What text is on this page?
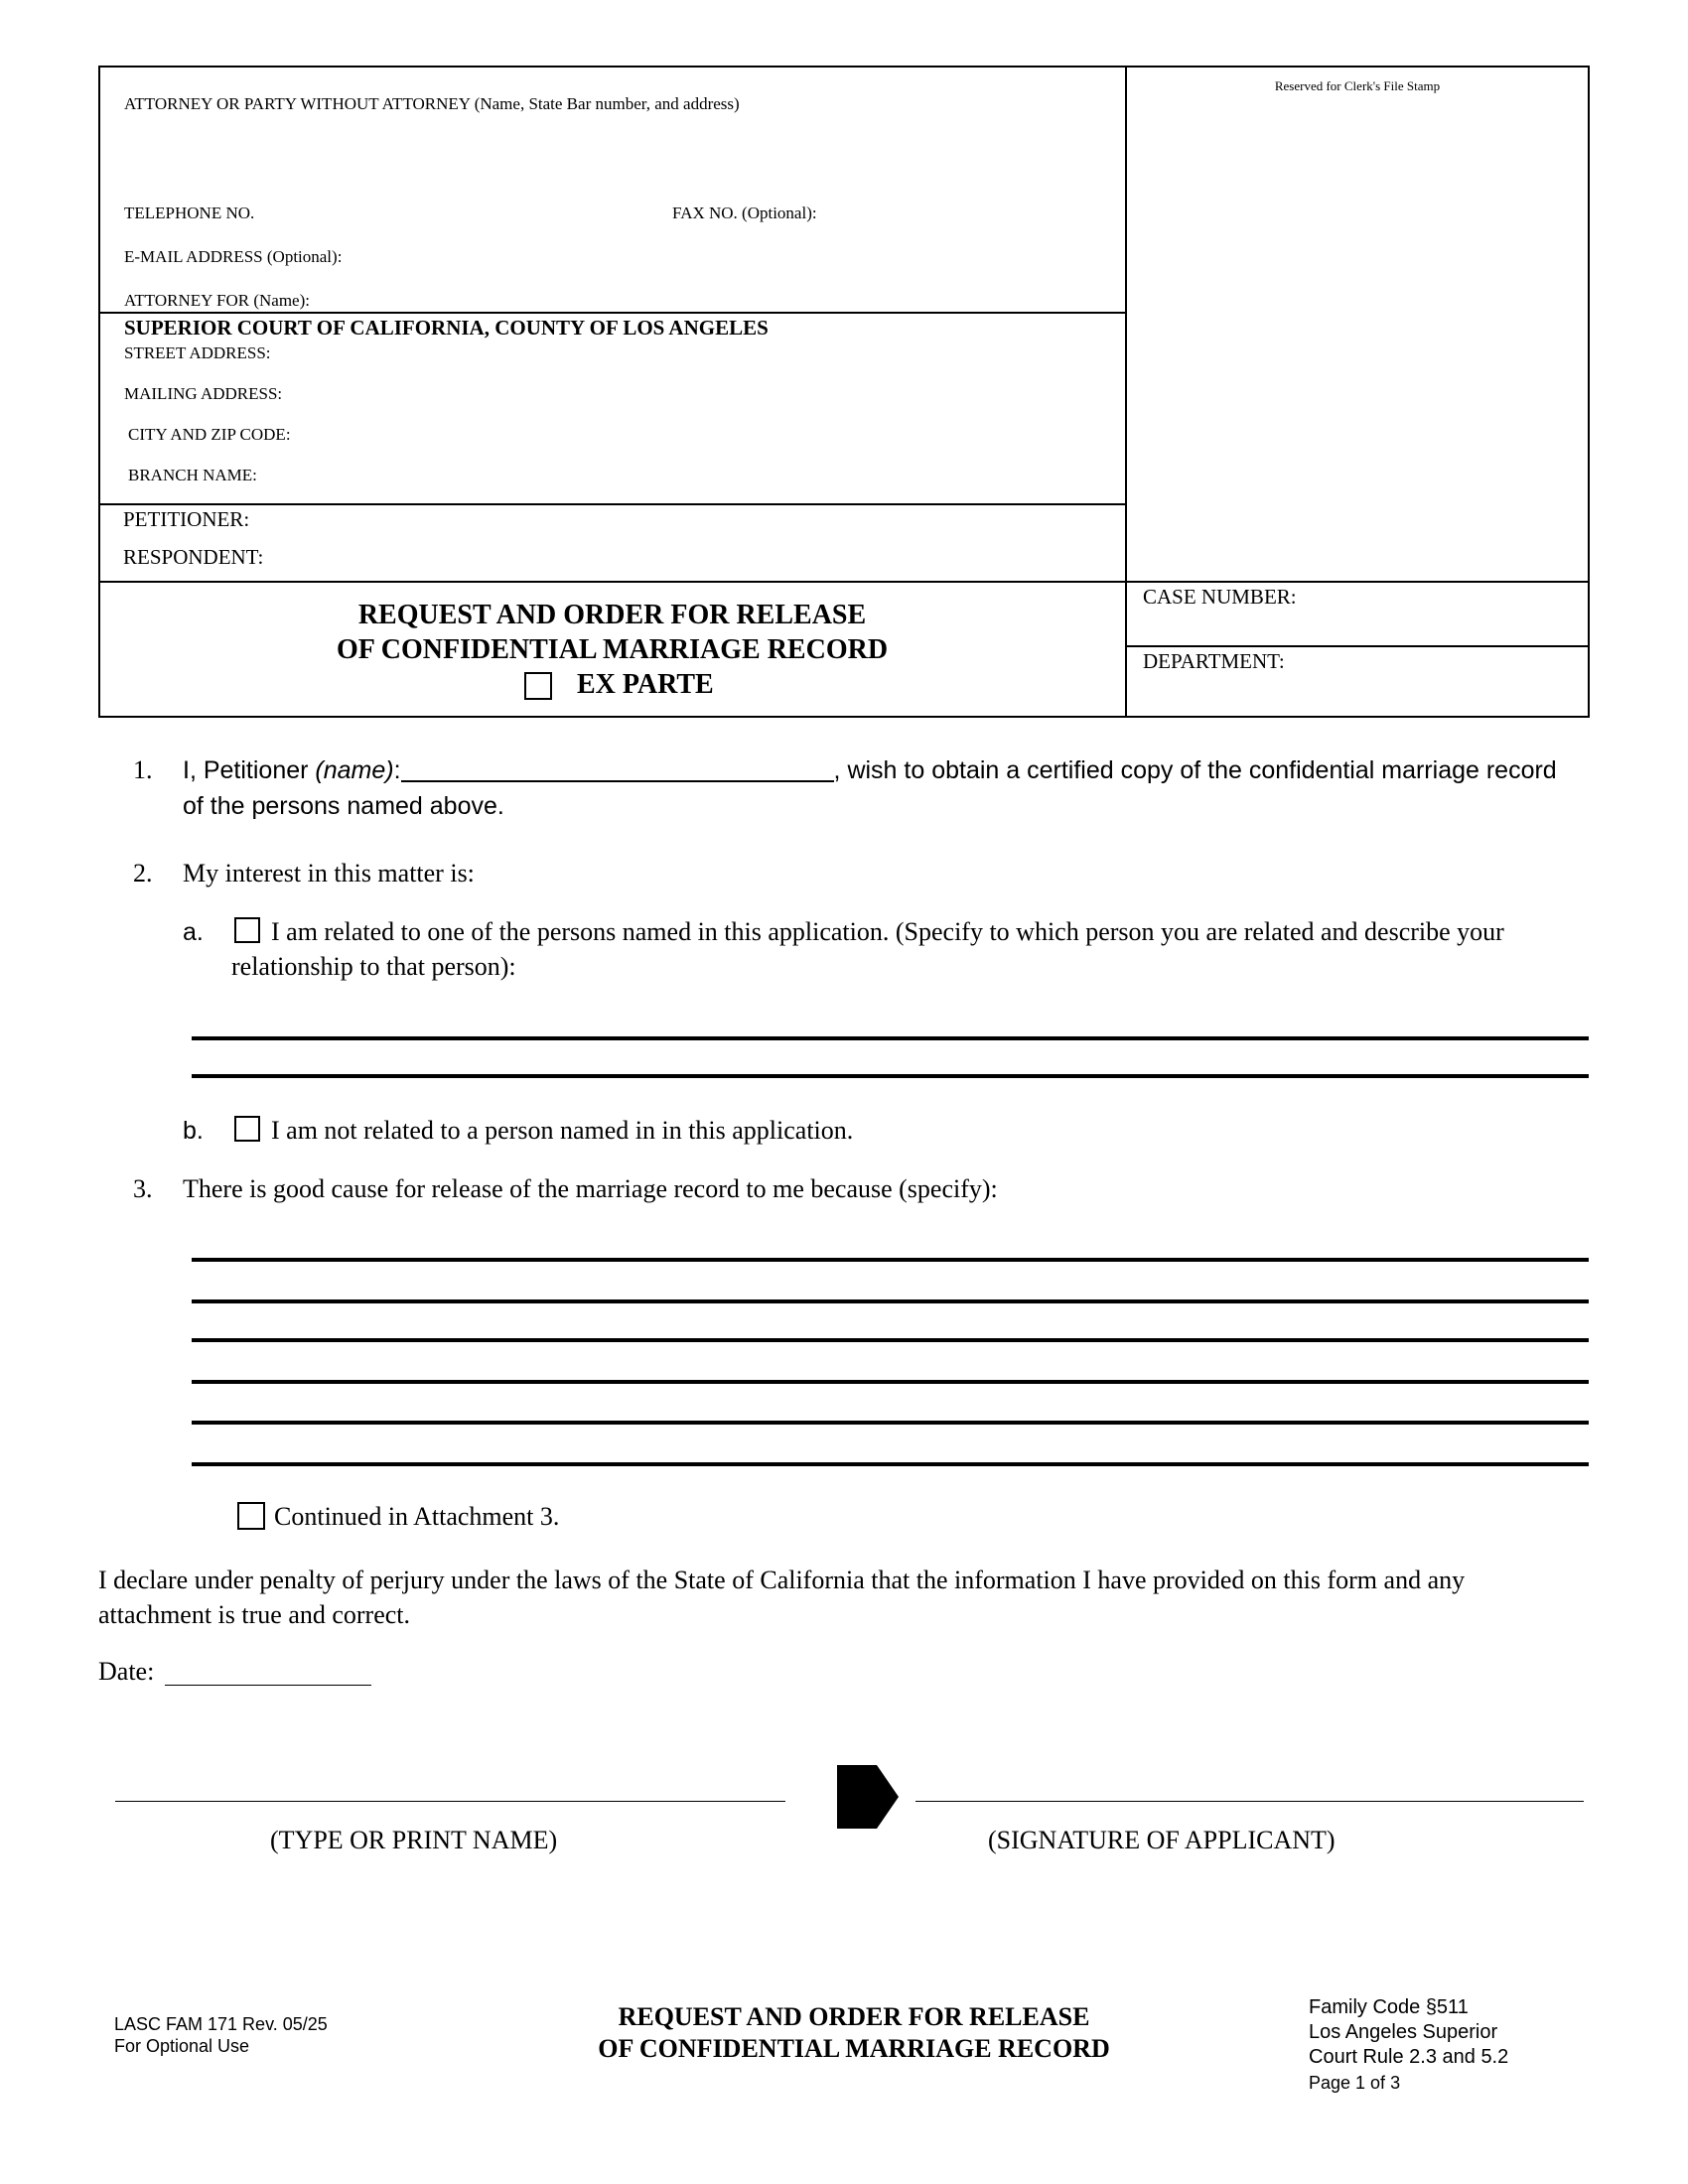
ATTORNEY OR PARTY WITHOUT ATTORNEY (Name, State Bar number, and address)
TELEPHONE NO.	FAX NO. (Optional):
E-MAIL ADDRESS (Optional):
ATTORNEY FOR (Name):
Reserved for Clerk's File Stamp
SUPERIOR COURT OF CALIFORNIA, COUNTY OF LOS ANGELES
STREET ADDRESS:
MAILING ADDRESS:
CITY AND ZIP CODE:
BRANCH NAME:
PETITIONER:
RESPONDENT:
REQUEST AND ORDER FOR RELEASE
OF CONFIDENTIAL MARRIAGE RECORD
EX PARTE
CASE NUMBER:
DEPARTMENT:
1. I, Petitioner (name):	, wish to obtain a certified copy of the confidential marriage record
of the persons named above.
2. My interest in this matter is:
a.	I am related to one of the persons named in this application. (Specify to which person you are related and describe your
relationship to that person):
b.	I am not related to a person named in in this application.
3. There is good cause for release of the marriage record to me because (specify):
Continued in Attachment 3.
I declare under penalty of perjury under the laws of the State of California that the information I have provided on this form and any
attachment is true and correct.
Date:
(TYPE OR PRINT NAME)	(SIGNATURE OF APPLICANT)
LASC FAM 171 Rev. 05/25
For Optional Use
REQUEST AND ORDER FOR RELEASE
OF CONFIDENTIAL MARRIAGE RECORD
Family Code §511
Los Angeles Superior
Court Rule 2.3 and 5.2
Page 1 of 3
